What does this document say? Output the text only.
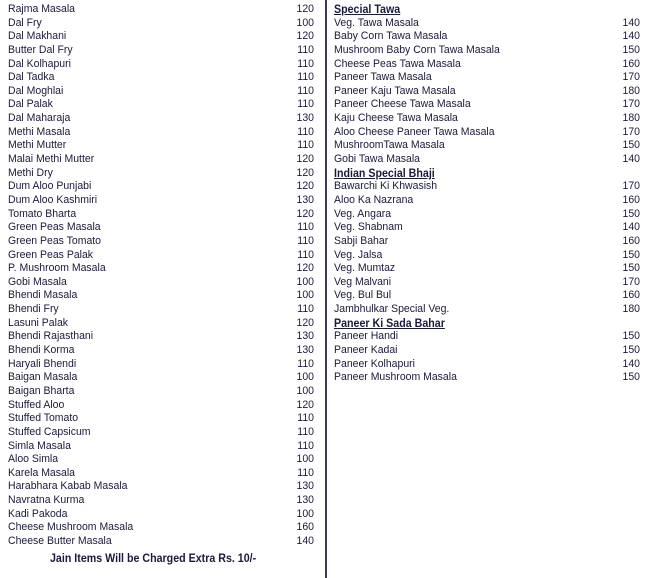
Rajma Masala	120
Dal Fry	100
Dal Makhani	120
Butter Dal Fry	110
Dal Kolhapuri	110
Dal Tadka	110
Dal Moghlai	110
Dal Palak	110
Dal Maharaja	130
Methi Masala	110
Methi Mutter	110
Malai Methi Mutter	120
Methi Dry	120
Dum Aloo Punjabi	120
Dum Aloo Kashmiri	130
Tomato Bharta	120
Green Peas Masala	110
Green Peas Tomato	110
Green Peas Palak	110
P. Mushroom Masala	120
Gobi Masala	100
Bhendi Masala	100
Bhendi Fry	110
Lasuni Palak	120
Bhendi Rajasthani	130
Bhendi Korma	130
Haryali Bhendi	110
Baigan Masala	100
Baigan Bharta	100
Stuffed Aloo	120
Stuffed Tomato	110
Stuffed Capsicum	110
Simla Masala	110
Aloo Simla	100
Karela Masala	110
Harabhara Kabab Masala	130
Navratna Kurma	130
Kadi Pakoda	100
Cheese Mushroom Masala	160
Cheese Butter Masala	140
Special Tawa
Veg. Tawa Masala	140
Baby Corn Tawa Masala	140
Mushroom Baby Corn Tawa Masala	150
Cheese Peas Tawa Masala	160
Paneer Tawa Masala	170
Paneer Kaju Tawa Masala	180
Paneer Cheese Tawa Masala	170
Kaju Cheese Tawa Masala	180
Aloo Cheese Paneer Tawa Masala	170
MushroomTawa Masala	150
Gobi Tawa Masala	140
Indian Special Bhaji
Bawarchi Ki Khwasish	170
Aloo Ka Nazrana	160
Veg. Angara	150
Veg. Shabnam	140
Sabji Bahar	160
Veg. Jalsa	150
Veg. Mumtaz	150
Veg Malvani	170
Veg. Bul Bul	160
Jambhulkar Special Veg.	180
Paneer Ki Sada Bahar
Paneer Handi	150
Paneer Kadai	150
Paneer Kolhapuri	140
Paneer Mushroom Masala	150
Jain Items Will be Charged Extra Rs. 10/-
